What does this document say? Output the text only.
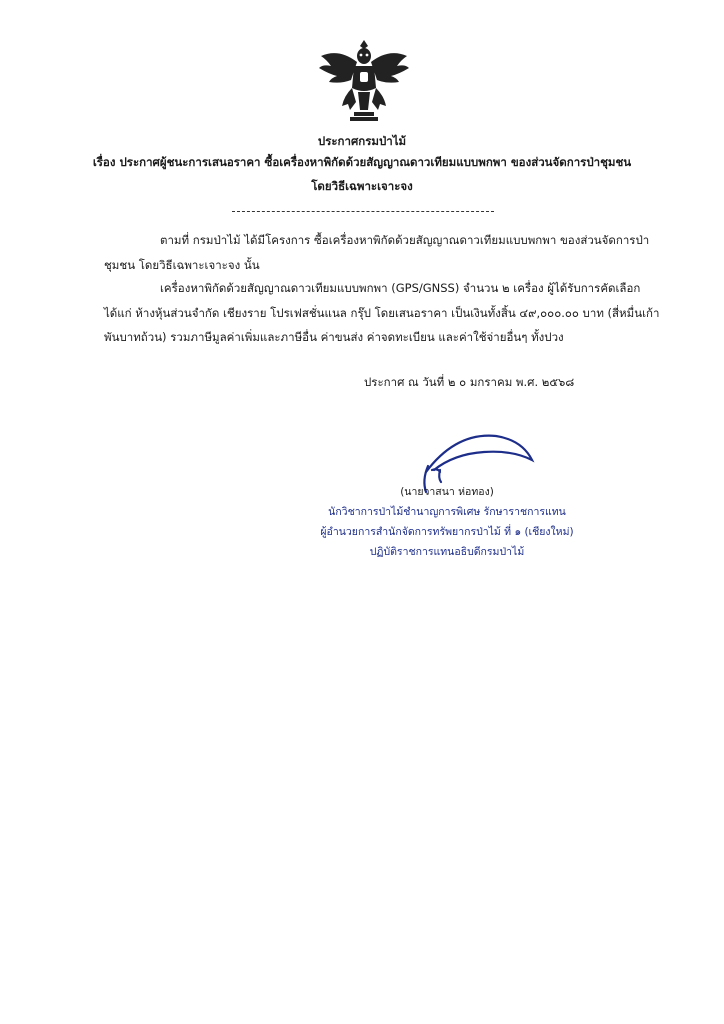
ประกาศกรมป่าไม้
เรื่อง ประกาศผู้ชนะการเสนอราคา ซื้อเครื่องหาพิกัดด้วยสัญญาณดาวเทียมแบบพกพา ของส่วนจัดการป่าชุมชน
โดยวิธีเฉพาะเจาะจง
ตามที่ กรมป่าไม้ ได้มีโครงการ ซื้อเครื่องหาพิกัดด้วยสัญญาณดาวเทียมแบบพกพา ของส่วนจัดการป่า
ชุมชน โดยวิธีเฉพาะเจาะจง นั้น
เครื่องหาพิกัดด้วยสัญญาณดาวเทียมแบบพกพา (GPS/GNSS) จำนวน ๒ เครื่อง ผู้ได้รับการคัดเลือก
ได้แก่ ห้างหุ้นส่วนจำกัด เชียงราย โปรเฟสชั่นแนล กรุ๊ป โดยเสนอราคา เป็นเงินทั้งสิ้น ๔๙,๐๐๐.๐๐ บาท (สี่หมื่นเก้า
พันบาทถ้วน) รวมภาษีมูลค่าเพิ่มและภาษีอื่น ค่าขนส่ง ค่าจดทะเบียน และค่าใช้จ่ายอื่นๆ ทั้งปวง
ประกาศ ณ วันที่ ๒ ๐ มกราคม พ.ศ. ๒๕๖๘
(นายวาสนา ห่อทอง)
นักวิชาการป่าไม้ชำนาญการพิเศษ รักษาราชการแทน
ผู้อำนวยการสำนักจัดการทรัพยากรป่าไม้ ที่ ๑ (เชียงใหม่)
ปฏิบัติราชการแทนอธิบดีกรมป่าไม้
